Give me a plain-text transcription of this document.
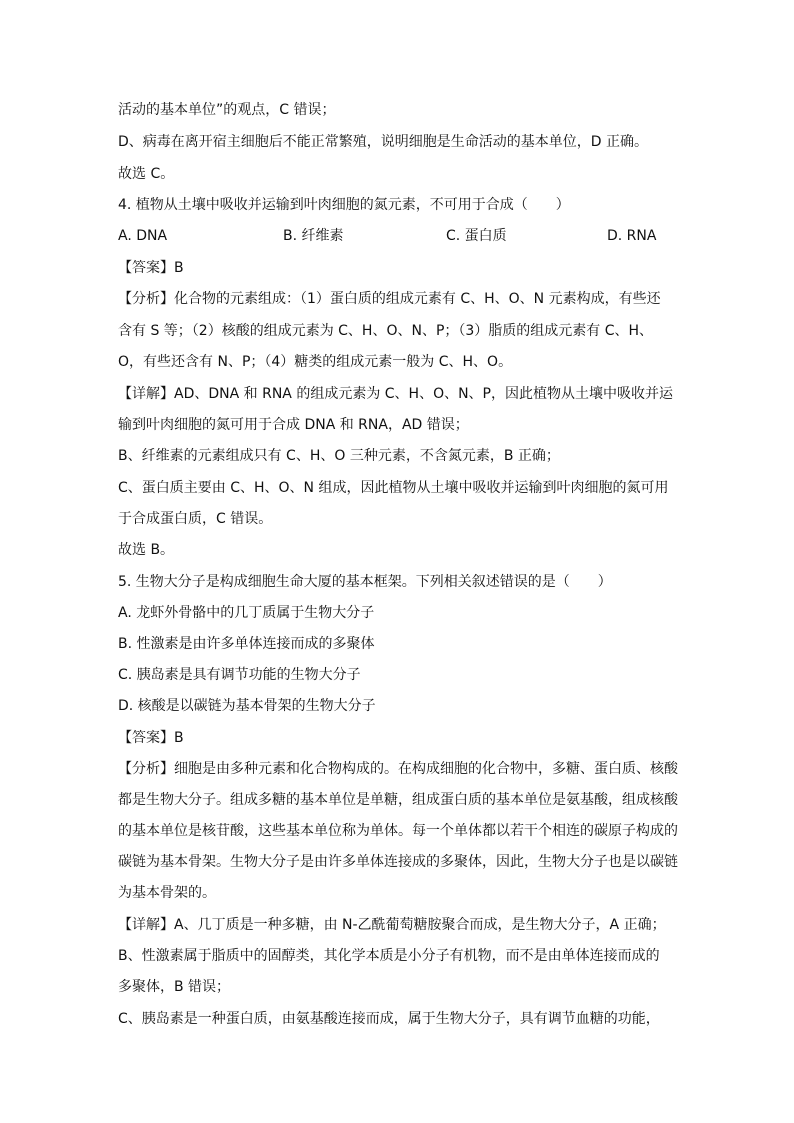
活动的基本单位”的观点，C 错误；
D、病毒在离开宿主细胞后不能正常繁殖，说明细胞是生命活动的基本单位，D 正确。
故选 C。
4. 植物从土壤中吸收并运输到叶肉细胞的氮元素，不可用于合成（　　）
A. DNA	B. 纤维素	C. 蛋白质	D. RNA
【答案】B
【分析】化合物的元素组成：（1）蛋白质的组成元素有 C、H、O、N 元素构成，有些还
含有 S 等；（2）核酸的组成元素为 C、H、O、N、P；（3）脂质的组成元素有 C、H、
O，有些还含有 N、P；（4）糖类的组成元素一般为 C、H、O。
【详解】AD、DNA 和 RNA 的组成元素为 C、H、O、N、P，因此植物从土壤中吸收并运
输到叶肉细胞的氮可用于合成 DNA 和 RNA，AD 错误；
B、纤维素的元素组成只有 C、H、O 三种元素，不含氮元素，B 正确；
C、蛋白质主要由 C、H、O、N 组成，因此植物从土壤中吸收并运输到叶肉细胞的氮可用
于合成蛋白质，C 错误。
故选 B。
5. 生物大分子是构成细胞生命大厦的基本框架。下列相关叙述错误的是（　　）
A. 龙虾外骨骼中的几丁质属于生物大分子
B. 性激素是由许多单体连接而成的多聚体
C. 胰岛素是具有调节功能的生物大分子
D. 核酸是以碳链为基本骨架的生物大分子
【答案】B
【分析】细胞是由多种元素和化合物构成的。在构成细胞的化合物中，多糖、蛋白质、核酸
都是生物大分子。组成多糖的基本单位是单糖，组成蛋白质的基本单位是氨基酸，组成核酸
的基本单位是核苷酸，这些基本单位称为单体。每一个单体都以若干个相连的碳原子构成的
碳链为基本骨架。生物大分子是由许多单体连接成的多聚体，因此，生物大分子也是以碳链
为基本骨架的。
【详解】A、几丁质是一种多糖，由 N-乙酰葡萄糖胺聚合而成，是生物大分子，A 正确；
B、性激素属于脂质中的固醇类，其化学本质是小分子有机物，而不是由单体连接而成的
多聚体，B 错误；
C、胰岛素是一种蛋白质，由氨基酸连接而成，属于生物大分子，具有调节血糖的功能，
